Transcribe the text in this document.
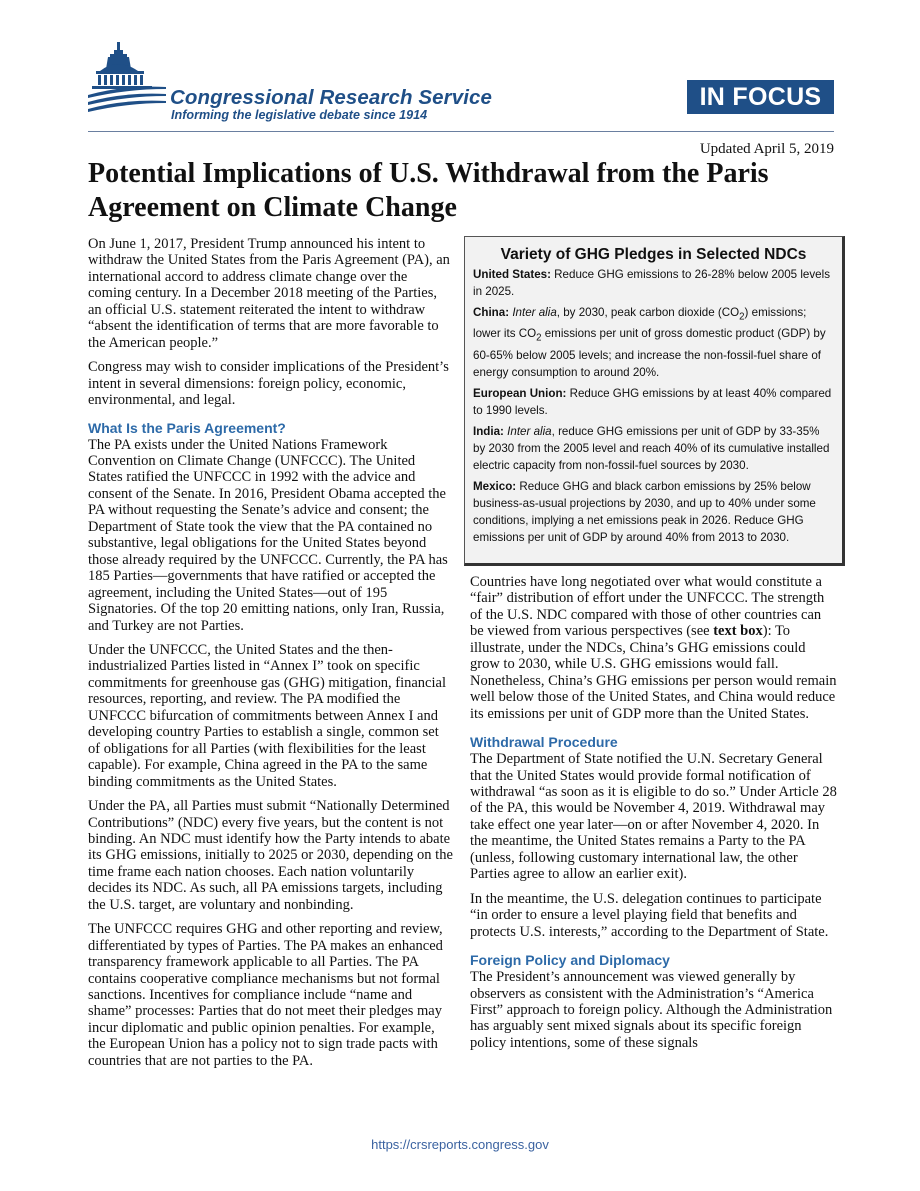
Congressional Research Service
Informing the legislative debate since 1914
IN FOCUS
Updated April 5, 2019
Potential Implications of U.S. Withdrawal from the Paris Agreement on Climate Change

On June 1, 2017, President Trump announced his intent to withdraw the United States from the Paris Agreement (PA), an international accord to address climate change over the coming century. In a December 2018 meeting of the Parties, an official U.S. statement reiterated the intent to withdraw “absent the identification of terms that are more favorable to the American people.”

Congress may wish to consider implications of the President’s intent in several dimensions: foreign policy, economic, environmental, and legal.

What Is the Paris Agreement?

The PA exists under the United Nations Framework Convention on Climate Change (UNFCCC). The United States ratified the UNFCCC in 1992 with the advice and consent of the Senate. In 2016, President Obama accepted the PA without requesting the Senate’s advice and consent; the Department of State took the view that the PA contained no substantive, legal obligations for the United States beyond those already required by the UNFCCC. Currently, the PA has 185 Parties—governments that have ratified or accepted the agreement, including the United States—out of 195 Signatories. Of the top 20 emitting nations, only Iran, Russia, and Turkey are not Parties.

Under the UNFCCC, the United States and the then-industrialized Parties listed in “Annex I” took on specific commitments for greenhouse gas (GHG) mitigation, financial resources, reporting, and review. The PA modified the UNFCCC bifurcation of commitments between Annex I and developing country Parties to establish a single, common set of obligations for all Parties (with flexibilities for the least capable). For example, China agreed in the PA to the same binding commitments as the United States.

Under the PA, all Parties must submit “Nationally Determined Contributions” (NDC) every five years, but the content is not binding. An NDC must identify how the Party intends to abate its GHG emissions, initially to 2025 or 2030, depending on the time frame each nation chooses. Each nation voluntarily decides its NDC. As such, all PA emissions targets, including the U.S. target, are voluntary and nonbinding.

The UNFCCC requires GHG and other reporting and review, differentiated by types of Parties. The PA makes an enhanced transparency framework applicable to all Parties. The PA contains cooperative compliance mechanisms but not formal sanctions. Incentives for compliance include “name and shame” processes: Parties that do not meet their pledges may incur diplomatic and public opinion penalties. For example, the European Union has a policy not to sign trade pacts with countries that are not parties to the PA.

Variety of GHG Pledges in Selected NDCs

United States: Reduce GHG emissions to 26-28% below 2005 levels in 2025.

China: Inter alia, by 2030, peak carbon dioxide $(CO_2)$ emissions; lower its $CO_2$ emissions per unit of gross domestic product (GDP) by 60-65% below 2005 levels; and increase the non-fossil-fuel share of energy consumption to around 20%.

European Union: Reduce GHG emissions by at least 40% compared to 1990 levels.

India: Inter alia, reduce GHG emissions per unit of GDP by 33-35% by 2030 from the 2005 level and reach 40% of its cumulative installed electric capacity from non-fossil-fuel sources by 2030.

Mexico: Reduce GHG and black carbon emissions by 25% below business-as-usual projections by 2030, and up to 40% under some conditions, implying a net emissions peak in 2026. Reduce GHG emissions per unit of GDP by around 40% from 2013 to 2030.

Countries have long negotiated over what would constitute a “fair” distribution of effort under the UNFCCC. The strength of the U.S. NDC compared with those of other countries can be viewed from various perspectives (see text box): To illustrate, under the NDCs, China’s GHG emissions could grow to 2030, while U.S. GHG emissions would fall. Nonetheless, China’s GHG emissions per person would remain well below those of the United States, and China would reduce its emissions per unit of GDP more than the United States.

Withdrawal Procedure

The Department of State notified the U.N. Secretary General that the United States would provide formal notification of withdrawal “as soon as it is eligible to do so.” Under Article 28 of the PA, this would be November 4, 2019. Withdrawal may take effect one year later—on or after November 4, 2020. In the meantime, the United States remains a Party to the PA (unless, following customary international law, the other Parties agree to allow an earlier exit).

In the meantime, the U.S. delegation continues to participate “in order to ensure a level playing field that benefits and protects U.S. interests,” according to the Department of State.

Foreign Policy and Diplomacy

The President’s announcement was viewed generally by observers as consistent with the Administration’s “America First” approach to foreign policy. Although the Administration has arguably sent mixed signals about its specific foreign policy intentions, some of these signals

https://crsreports.congress.gov
